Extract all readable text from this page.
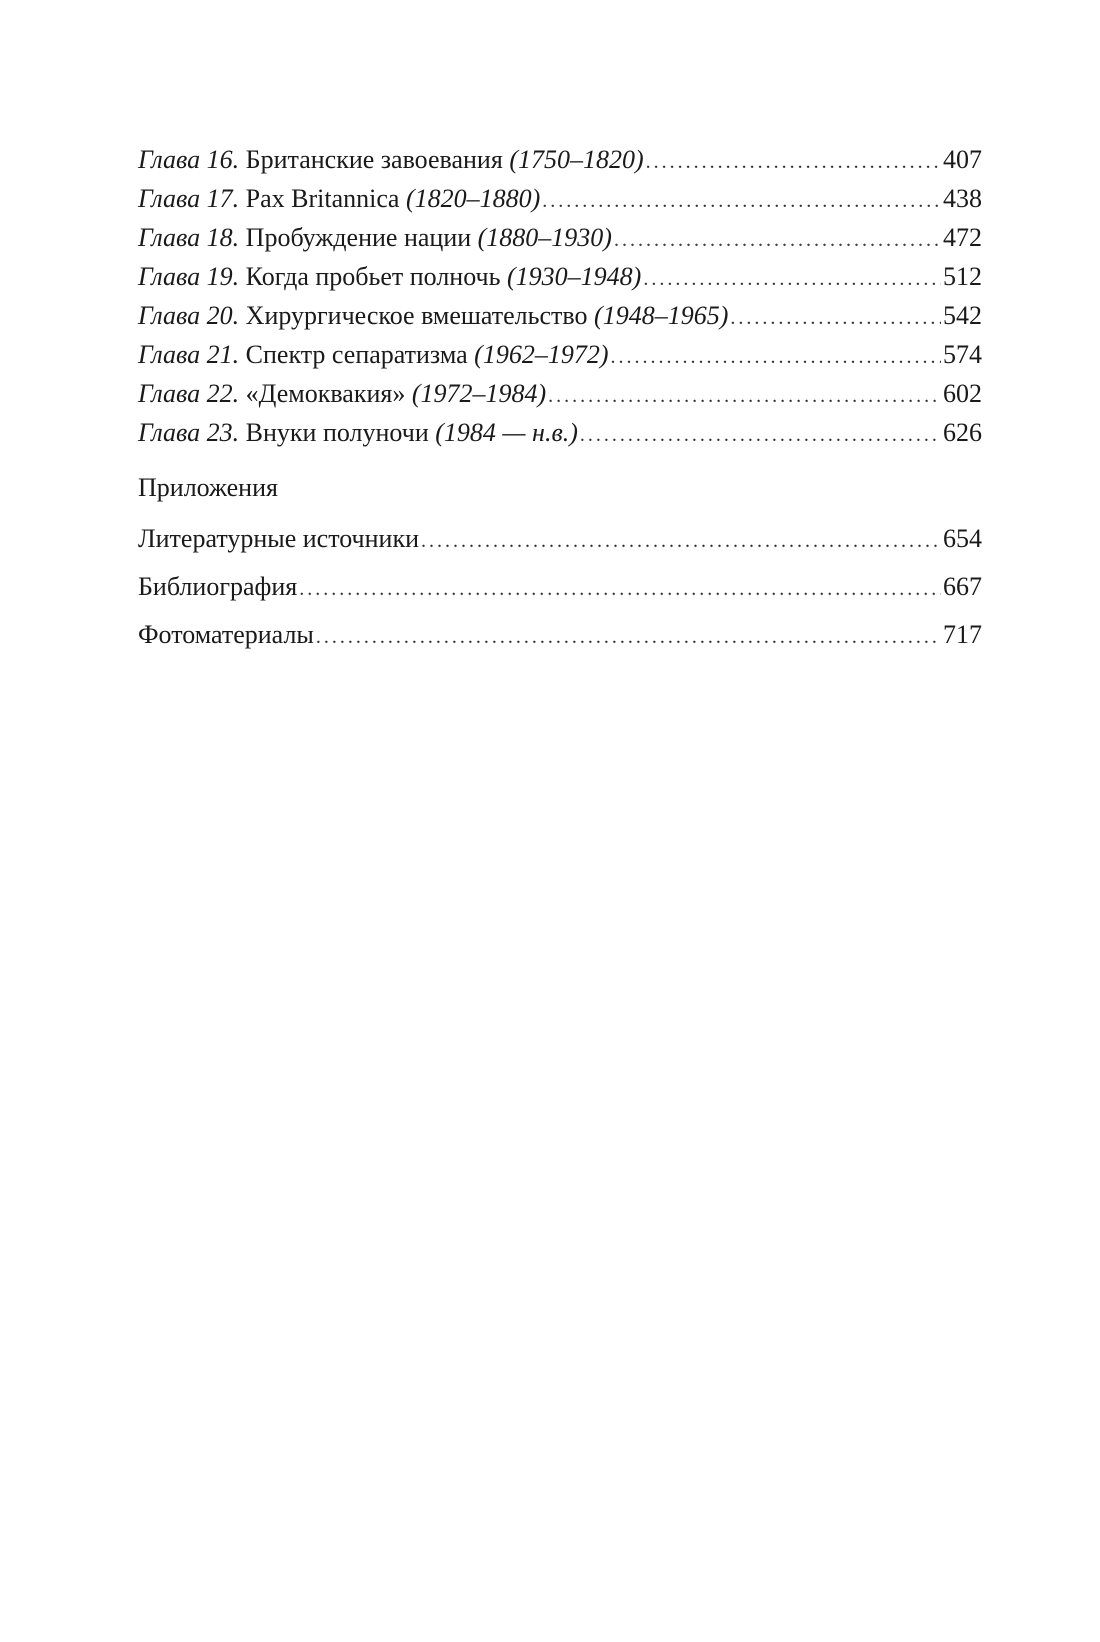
Глава 16. Британские завоевания (1750–1820) .....	407
Глава 17. Pax Britannica (1820–1880) .....	438
Глава 18. Пробуждение нации (1880–1930) .....	472
Глава 19. Когда пробьет полночь (1930–1948) .....	512
Глава 20. Хирургическое вмешательство (1948–1965) .....	542
Глава 21. Спектр сепаратизма (1962–1972) .....	574
Глава 22. «Демоквакия» (1972–1984) .....	602
Глава 23. Внуки полуночи (1984 — н.в.) .....	626
Приложения
Литературные источники .....	654
Библиография .....	667
Фотоматериалы .....	717
